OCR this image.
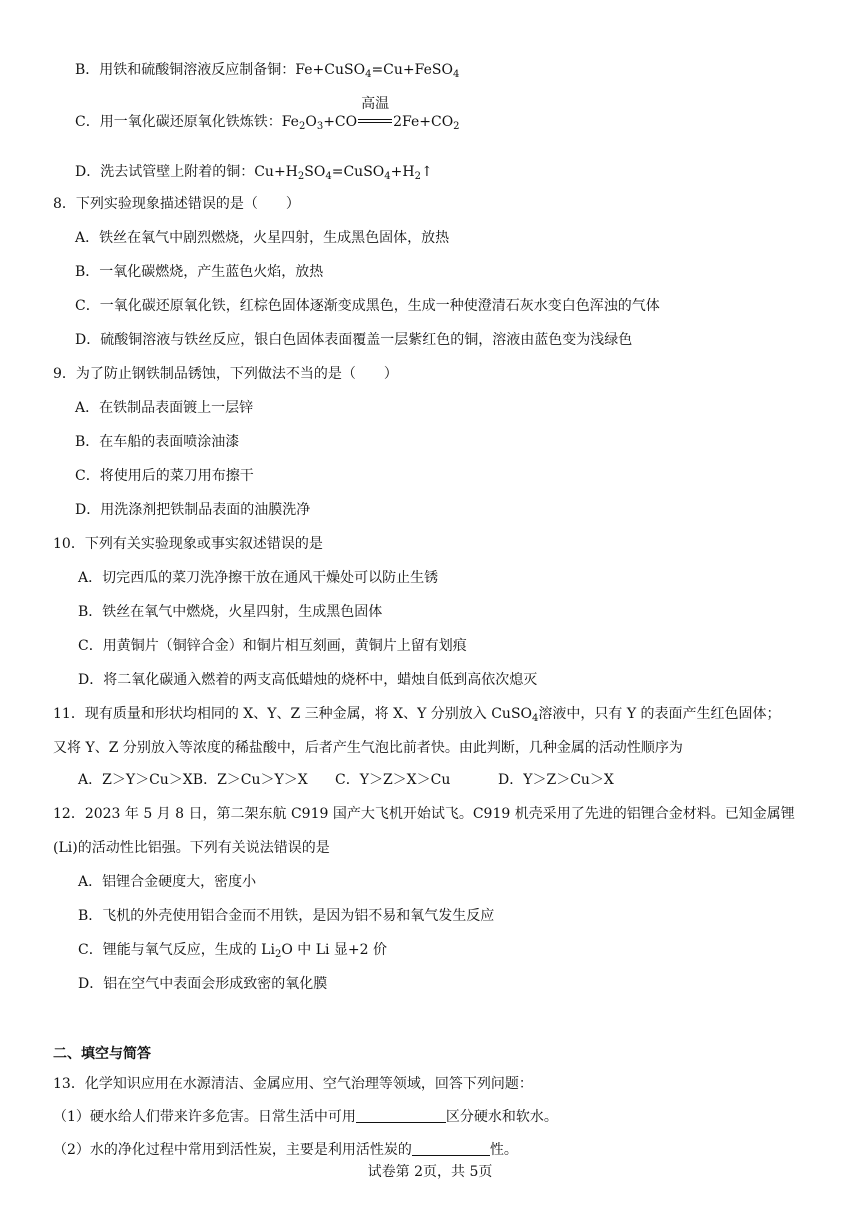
B．用铁和硫酸铜溶液反应制备铜：Fe+CuSO$_4$=Cu+FeSO$_4$
C．用一氧化碳还原氧化铁炼铁：$Fe_2O_3+CO$
高温
$2Fe+CO_2$
D．洗去试管壁上附着的铜：$Cu+H_2SO_4=CuSO_4+H_2↑$
8．下列实验现象描述错误的是（　　）
A．铁丝在氧气中剧烈燃烧，火星四射，生成黑色固体，放热
B．一氧化碳燃烧，产生蓝色火焰，放热
C．一氧化碳还原氧化铁，红棕色固体逐渐变成黑色，生成一种使澄清石灰水变白色浑浊的气体
D．硫酸铜溶液与铁丝反应，银白色固体表面覆盖一层紫红色的铜，溶液由蓝色变为浅绿色
9．为了防止钢铁制品锈蚀，下列做法不当的是（　　）
A．在铁制品表面镀上一层锌
B．在车船的表面喷涂油漆
C．将使用后的菜刀用布擦干
D．用洗涤剂把铁制品表面的油膜洗净
10．下列有关实验现象或事实叙述错误的是
A．切完西瓜的菜刀洗净擦干放在通风干燥处可以防止生锈
B．铁丝在氧气中燃烧，火星四射，生成黑色固体
C．用黄铜片（铜锌合金）和铜片相互刻画，黄铜片上留有划痕
D．将二氧化碳通入燃着的两支高低蜡烛的烧杯中，蜡烛自低到高依次熄灭
11．现有质量和形状均相同的 X、Y、Z 三种金属，将 X、Y 分别放入 CuSO$_4$溶液中，只有 Y 的表面产生红色固体；
又将 Y、Z 分别放入等浓度的稀盐酸中，后者产生气泡比前者快。由此判断，几种金属的活动性顺序为
A．Z＞Y＞Cu＞XB．Z＞Cu＞Y＞X C．Y＞Z＞X＞Cu	D．Y＞Z＞Cu＞X
12．2023 年 5 月 8 日，第二架东航 C919 国产大飞机开始试飞。C919 机壳采用了先进的铝锂合金材料。已知金属锂
(Li)的活动性比铝强。下列有关说法错误的是
A．铝锂合金硬度大，密度小
B．飞机的外壳使用铝合金而不用铁，是因为铝不易和氧气发生反应
C．锂能与氧气反应，生成的 $Li_2O$ 中 Li 显+2 价
D．铝在空气中表面会形成致密的氧化膜
二、填空与简答
13．化学知识应用在水源清洁、金属应用、空气治理等领域，回答下列问题：
（1）硬水给人们带来许多危害。日常生活中可用	区分硬水和软水。
（2）水的净化过程中常用到活性炭，主要是利用活性炭的	性。
试卷第 2页，共 5页
